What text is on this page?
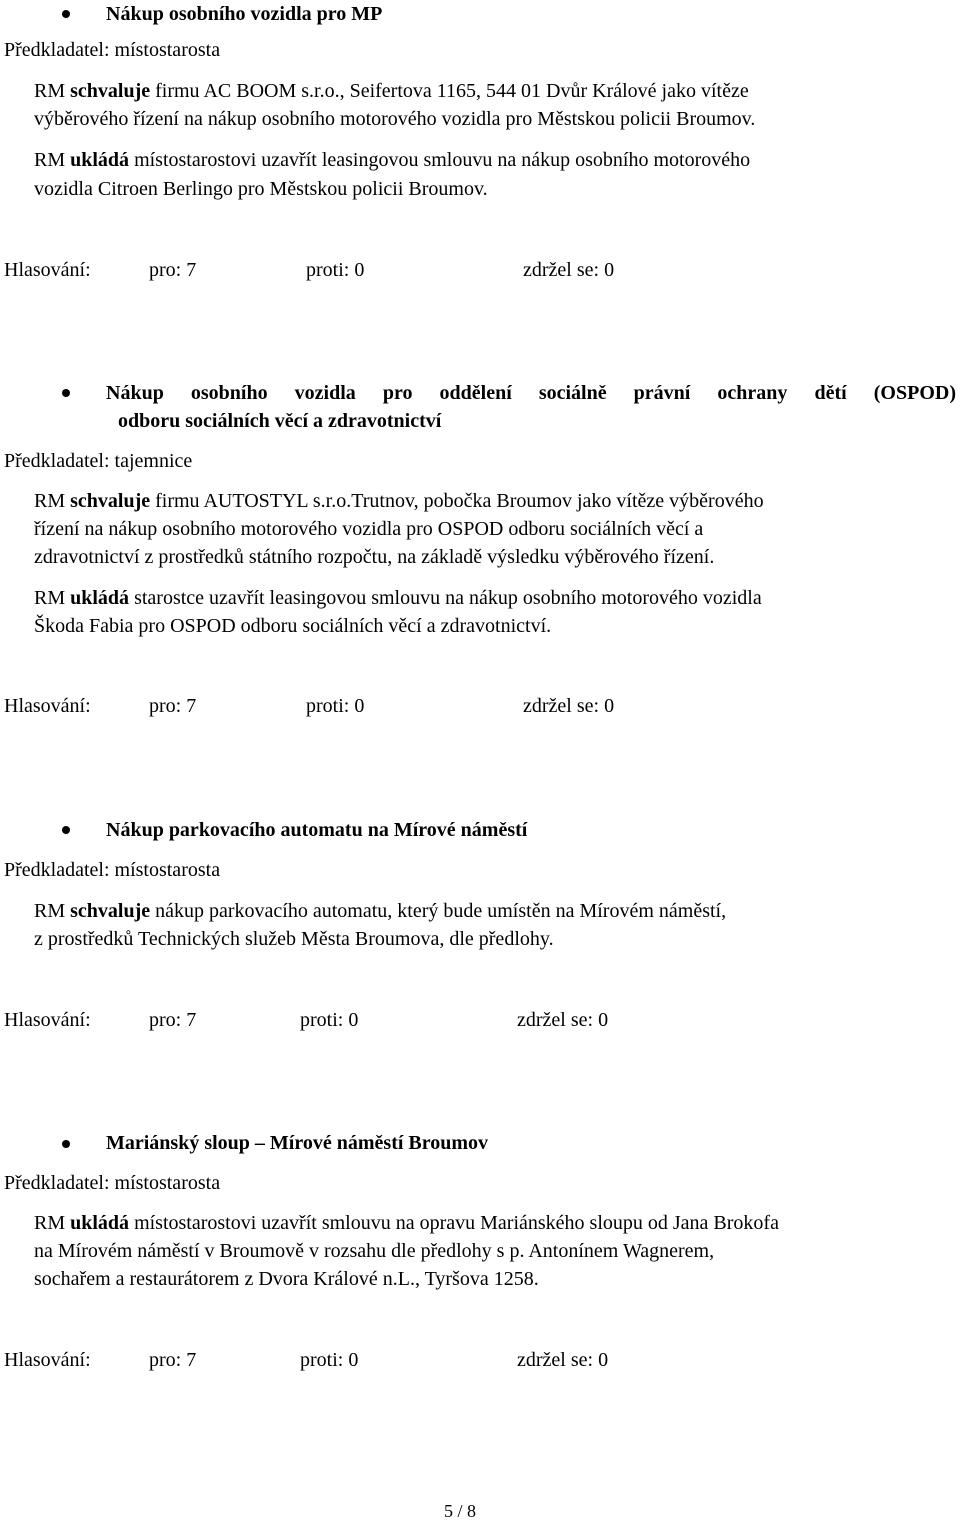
Nákup osobního vozidla pro MP
Předkladatel: místostarosta
RM schvaluje firmu AC BOOM s.r.o., Seifertova 1165, 544 01 Dvůr Králové jako vítěze
výběrového řízení na nákup osobního motorového vozidla pro Městskou policii Broumov.
RM ukládá místostarostovi uzavřít leasingovou smlouvu na nákup osobního motorového
vozidla Citroen Berlingo pro Městskou policii Broumov.
Hlasování:	pro: 7	proti: 0	zdržel se: 0
Nákup osobního vozidla pro oddělení sociálně právní ochrany dětí (OSPOD)
odboru sociálních věcí a zdravotnictví
Předkladatel: tajemnice
RM schvaluje firmu AUTOSTYL s.r.o.Trutnov, pobočka Broumov jako vítěze výběrového
řízení na nákup osobního motorového vozidla pro OSPOD odboru sociálních věcí a
zdravotnictví z prostředků státního rozpočtu, na základě výsledku výběrového řízení.
RM ukládá starostce uzavřít leasingovou smlouvu na nákup osobního motorového vozidla
Škoda Fabia pro OSPOD odboru sociálních věcí a zdravotnictví.
Hlasování:	pro: 7	proti: 0	zdržel se: 0
Nákup parkovacího automatu na Mírové náměstí
Předkladatel: místostarosta
RM schvaluje nákup parkovacího automatu, který bude umístěn na Mírovém náměstí,
z prostředků Technických služeb Města Broumova, dle předlohy.
Hlasování:	pro: 7	proti: 0	zdržel se: 0
Mariánský sloup – Mírové náměstí Broumov
Předkladatel: místostarosta
RM ukládá místostarostovi uzavřít smlouvu na opravu Mariánského sloupu od Jana Brokofa
na Mírovém náměstí v Broumově v rozsahu dle předlohy s p. Antonínem Wagnerem,
sochařem a restaurátorem z Dvora Králové n.L., Tyršova 1258.
Hlasování:	pro: 7	proti: 0	zdržel se: 0
5 / 8
